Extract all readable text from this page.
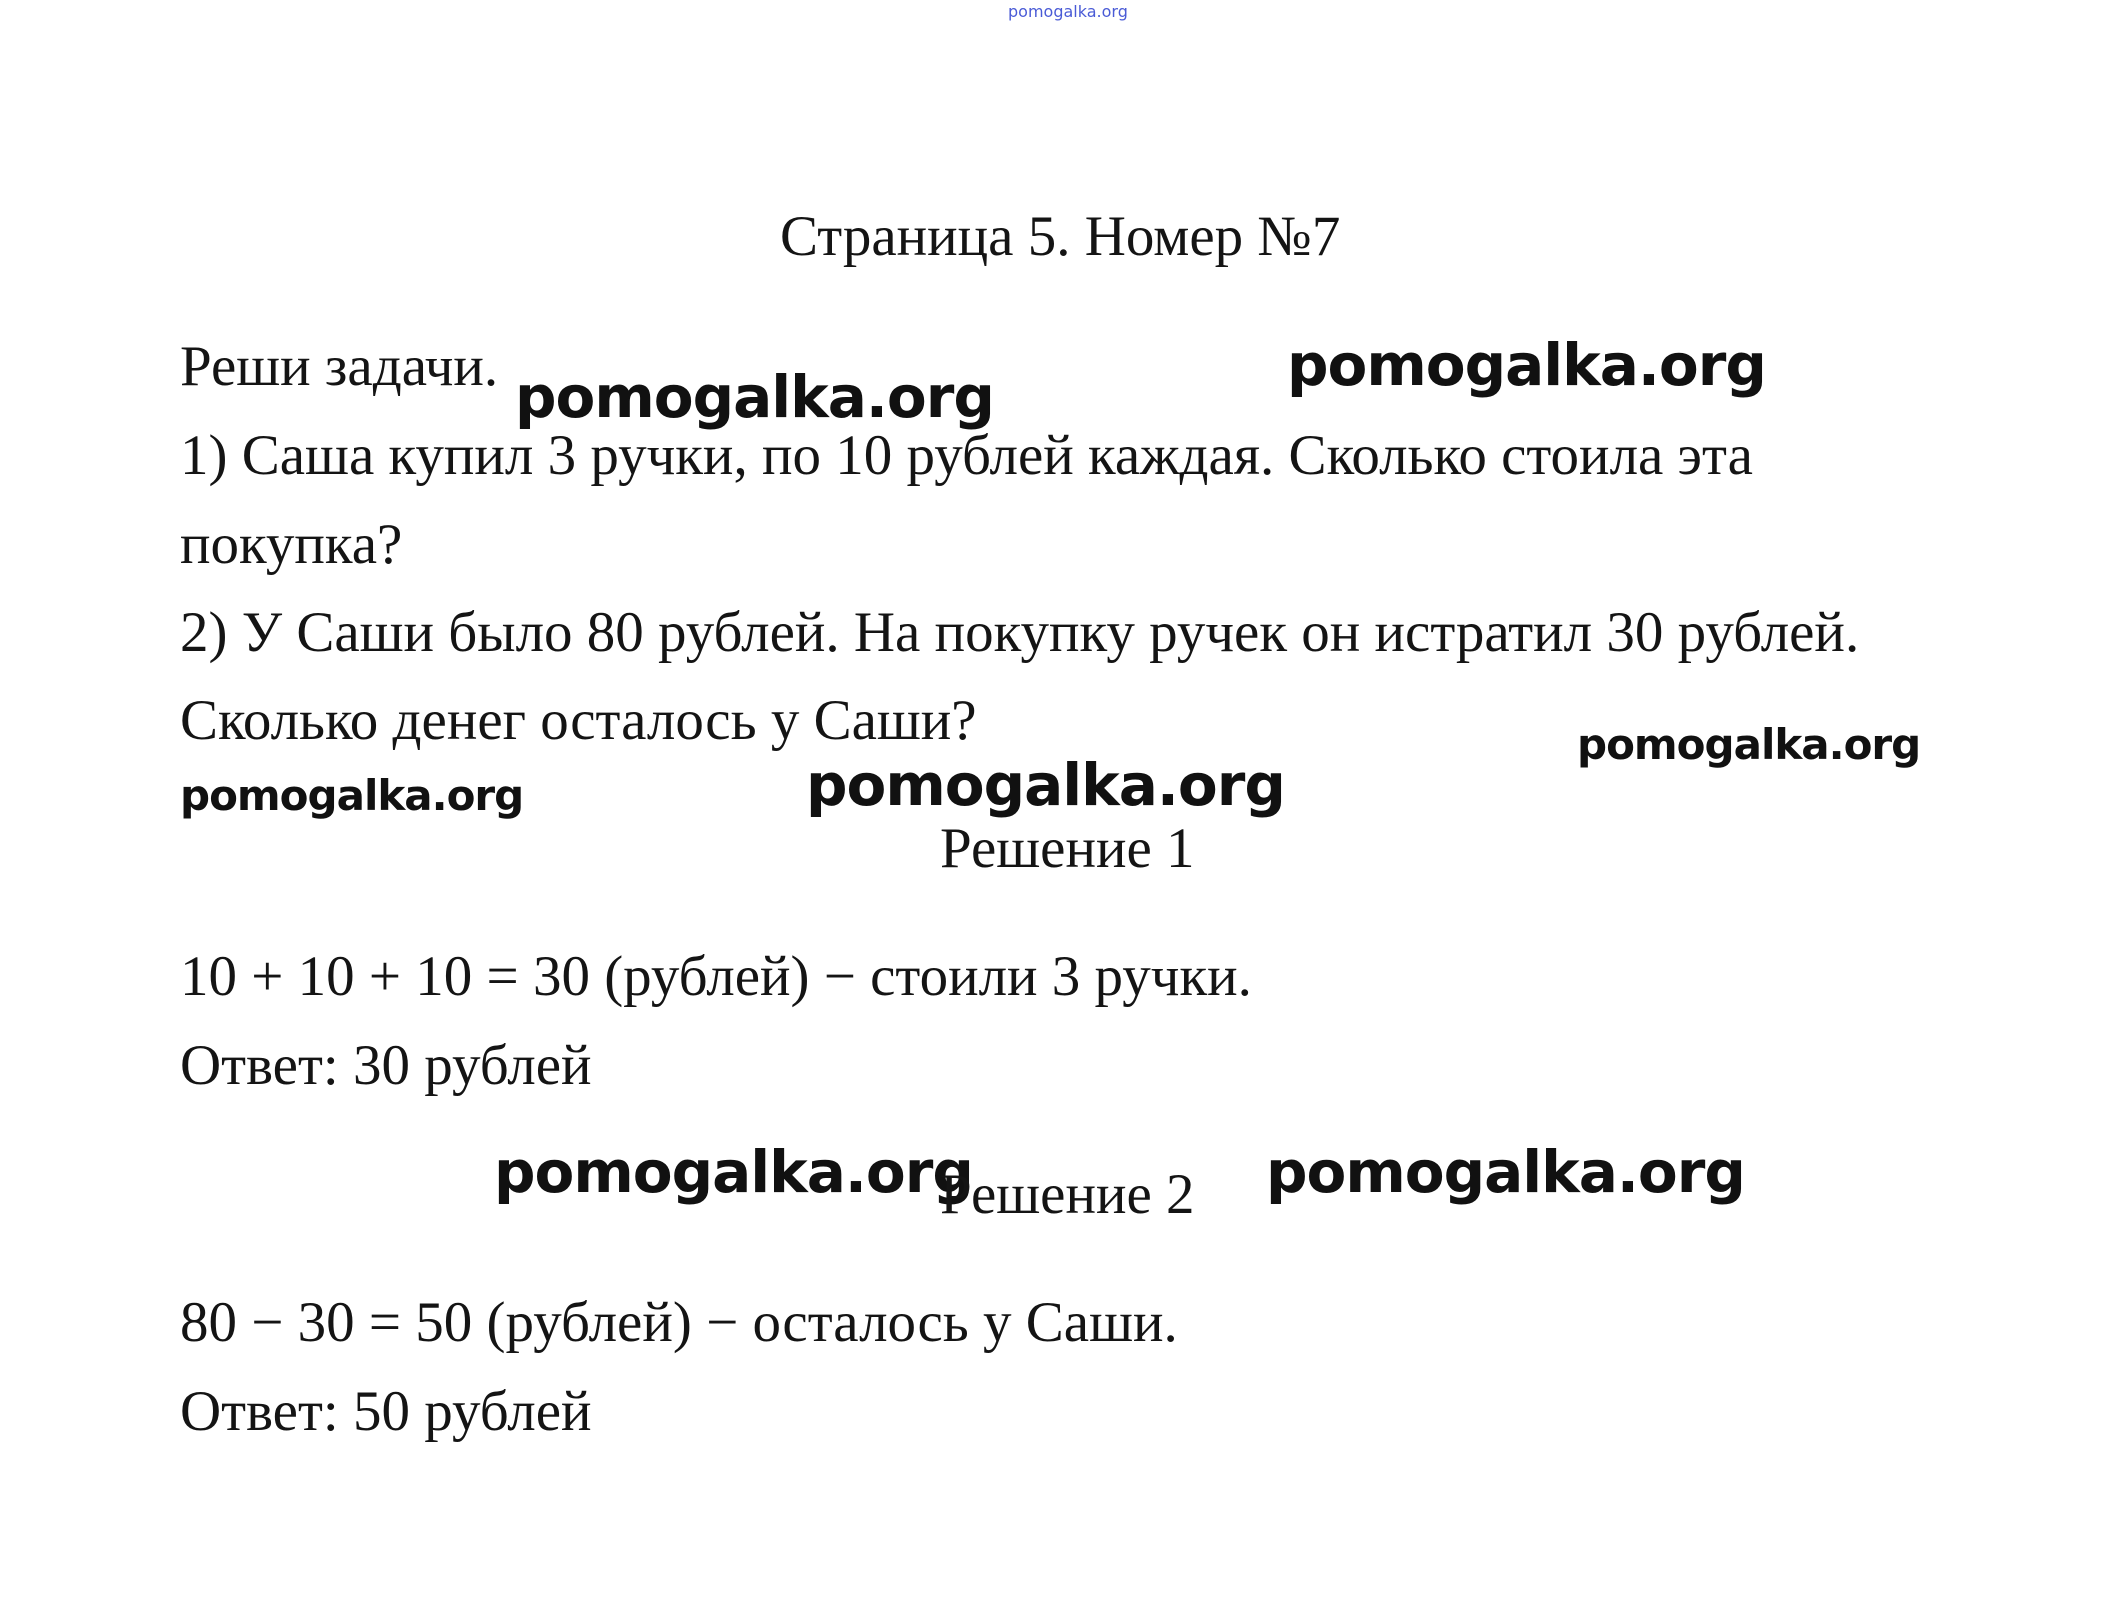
pomogalka.org
Страница 5. Номер №7
Реши задачи. pomogalka.org	pomogalka.org
1) Саша купил 3 ручки, по 10 рублей каждая. Сколько стоила эта
покупка?
2) У Саши было 80 рублей. На покупку ручек он истратил 30 рублей.
Сколько денег осталось у Саши?	pomogalka.org
pomogalka.org	pomogalka.org
Решение 1
10 + 10 + 10 = 30 (рублей) − стоили 3 ручки.
Ответ: 30 рублей
pomogalka.org
Решение 2 pomogalka.org
80 − 30 = 50 (рублей) − осталось у Саши.
Ответ: 50 рублей
